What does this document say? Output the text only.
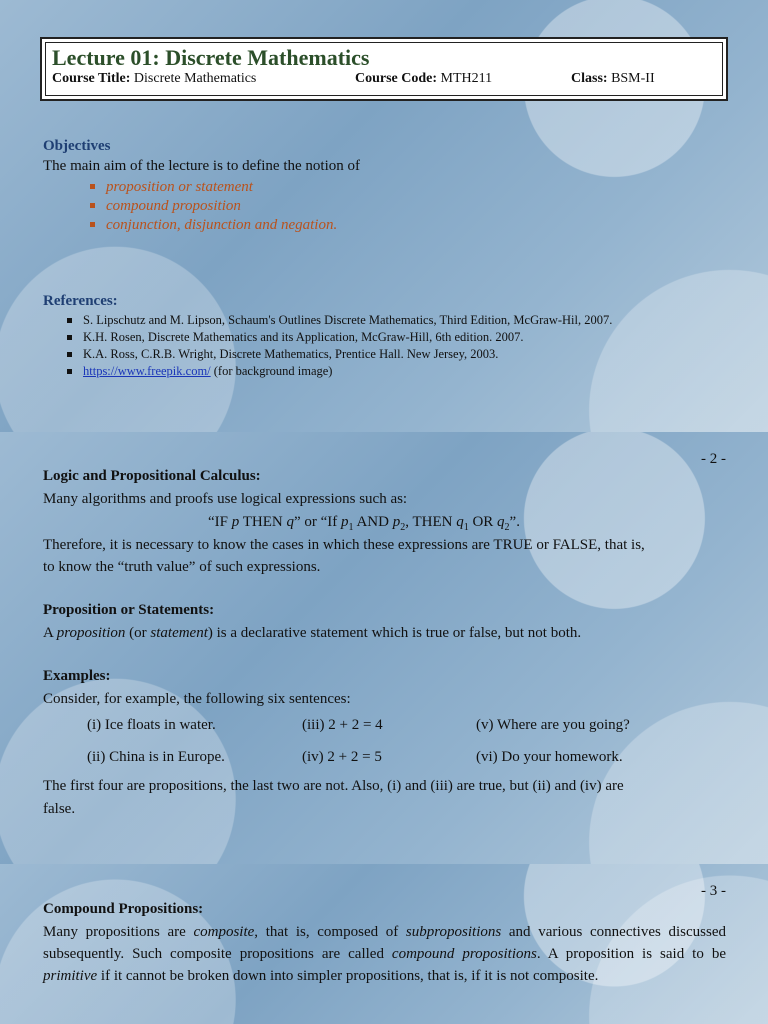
Lecture 01: Discrete Mathematics
Course Title: Discrete Mathematics	Course Code: MTH211	Class: BSM-II
Objectives
The main aim of the lecture is to define the notion of
proposition or statement
compound proposition
conjunction, disjunction and negation.
References:
S. Lipschutz and M. Lipson, Schaum's Outlines Discrete Mathematics, Third Edition, McGraw-Hil, 2007.
K.H. Rosen, Discrete Mathematics and its Application, McGraw-Hill, 6th edition. 2007.
K.A. Ross, C.R.B. Wright, Discrete Mathematics, Prentice Hall. New Jersey, 2003.
https://www.freepik.com/ (for background image)
- 2 -
Logic and Propositional Calculus:
Many algorithms and proofs use logical expressions such as:
“IF p THEN q” or “If $p_1$ AND $p_2$, THEN $q_1$ OR $q_2$”.
Therefore, it is necessary to know the cases in which these expressions are TRUE or FALSE, that is,
to know the “truth value” of such expressions.
Proposition or Statements:
A proposition (or statement) is a declarative statement which is true or false, but not both.
Examples:
Consider, for example, the following six sentences:
(i) Ice floats in water.	(iii) 2 + 2 = 4	(v) Where are you going?
(ii) China is in Europe.	(iv) 2 + 2 = 5	(vi) Do your homework.
The first four are propositions, the last two are not. Also, (i) and (iii) are true, but (ii) and (iv) are
false.
- 3 -
Compound Propositions:
Many propositions are composite, that is, composed of subpropositions and various connectives discussed subsequently. Such composite propositions are called compound propositions. A proposition is said to be primitive if it cannot be broken down into simpler propositions, that is, if it is not composite.
